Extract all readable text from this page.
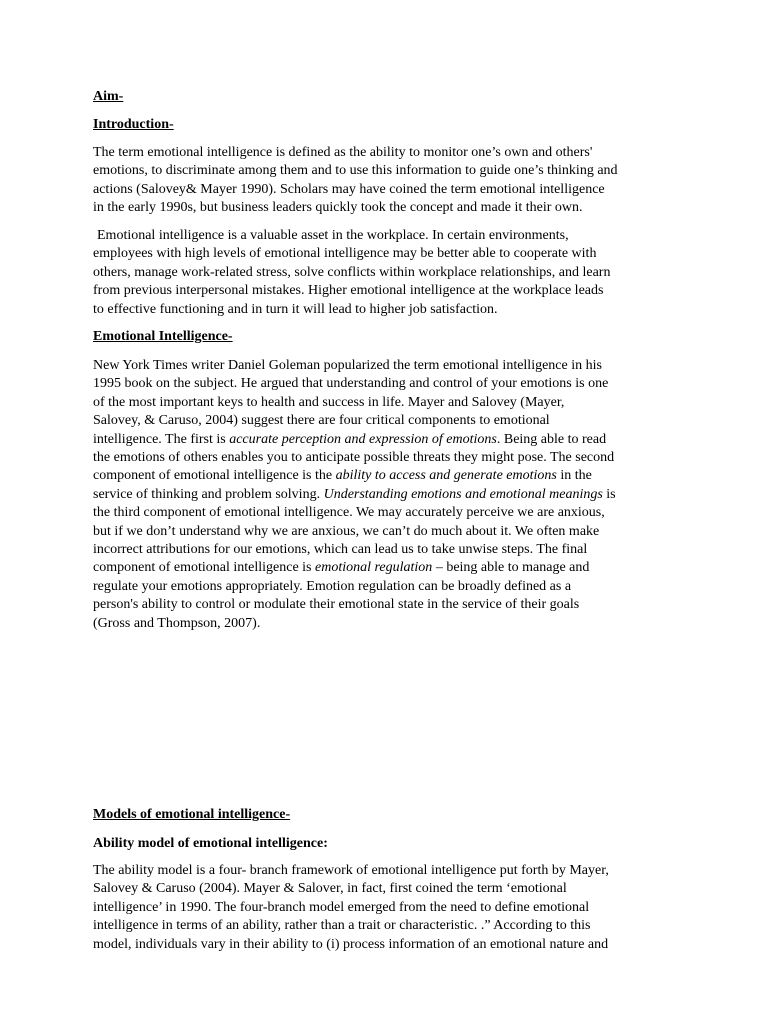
Aim-
Introduction-
The term emotional intelligence is defined as the ability to monitor one’s own and others'
emotions, to discriminate among them and to use this information to guide one’s thinking and
actions (Salovey& Mayer 1990). Scholars may have coined the term emotional intelligence
in the early 1990s, but business leaders quickly took the concept and made it their own.
Emotional intelligence is a valuable asset in the workplace. In certain environments,
employees with high levels of emotional intelligence may be better able to cooperate with
others, manage work-related stress, solve conflicts within workplace relationships, and learn
from previous interpersonal mistakes. Higher emotional intelligence at the workplace leads
to effective functioning and in turn it will lead to higher job satisfaction.
Emotional Intelligence-
New York Times writer Daniel Goleman popularized the term emotional intelligence in his
1995 book on the subject. He argued that understanding and control of your emotions is one
of the most important keys to health and success in life. Mayer and Salovey (Mayer,
Salovey, & Caruso, 2004) suggest there are four critical components to emotional
intelligence. The first is accurate perception and expression of emotions. Being able to read
the emotions of others enables you to anticipate possible threats they might pose. The second
component of emotional intelligence is the ability to access and generate emotions in the
service of thinking and problem solving. Understanding emotions and emotional meanings is
the third component of emotional intelligence. We may accurately perceive we are anxious,
but if we don’t understand why we are anxious, we can’t do much about it. We often make
incorrect attributions for our emotions, which can lead us to take unwise steps. The final
component of emotional intelligence is emotional regulation – being able to manage and
regulate your emotions appropriately. Emotion regulation can be broadly defined as a
person's ability to control or modulate their emotional state in the service of their goals
(Gross and Thompson, 2007).
Models of emotional intelligence-
Ability model of emotional intelligence:
The ability model is a four- branch framework of emotional intelligence put forth by Mayer,
Salovey & Caruso (2004). Mayer & Salover, in fact, first coined the term ‘emotional
intelligence’ in 1990. The four-branch model emerged from the need to define emotional
intelligence in terms of an ability, rather than a trait or characteristic. .” According to this
model, individuals vary in their ability to (i) process information of an emotional nature and
